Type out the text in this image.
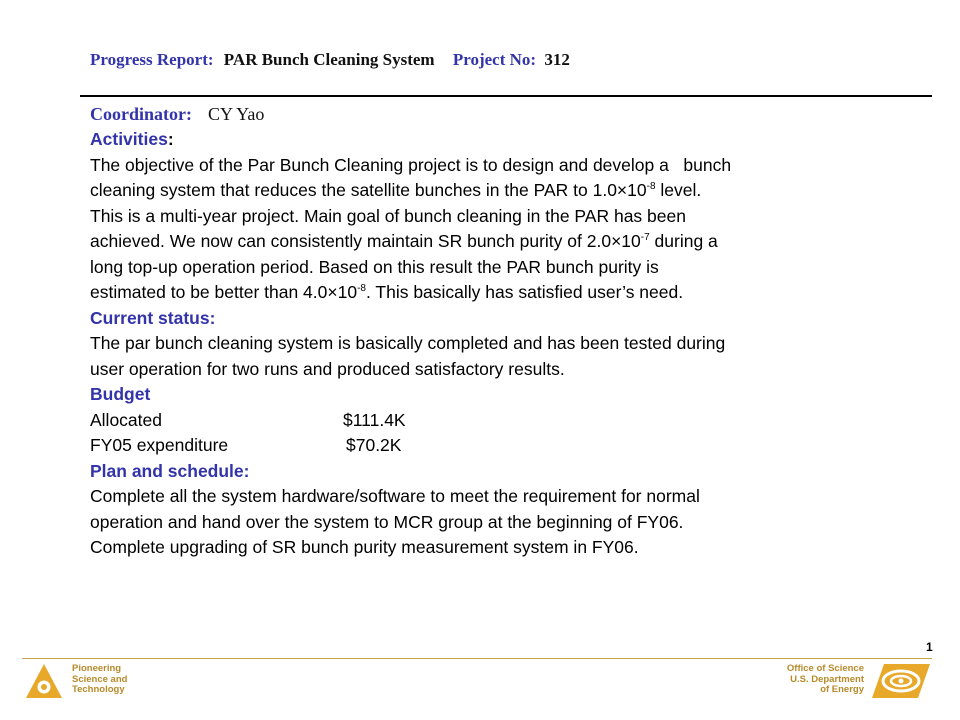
Progress Report: PAR Bunch Cleaning System Project No: 312
Coordinator: CY Yao
Activities:
The objective of the Par Bunch Cleaning project is to design and develop a   bunch
cleaning system that reduces the satellite bunches in the PAR to $1.0\times 10^{-8}$ level.
This is a multi-year project. Main goal of bunch cleaning in the PAR has been
achieved. We now can consistently maintain SR bunch purity of $2.0\times 10^{-7}$ during a
long top-up operation period. Based on this result the PAR bunch purity is
estimated to be better than $4.0\times 10^{-8}$. This basically has satisfied user’s need.
Current status:
The par bunch cleaning system is basically completed and has been tested during
user operation for two runs and produced satisfactory results.
Budget
Allocated	$111.4K
FY05 expenditure	$70.2K
Plan and schedule:
Complete all the system hardware/software to meet the requirement for normal
operation and hand over the system to MCR group at the beginning of FY06.
Complete upgrading of SR bunch purity measurement system in FY06.
1
Pioneering
Science and
Technology
Office of Science
U.S. Department
of Energy
